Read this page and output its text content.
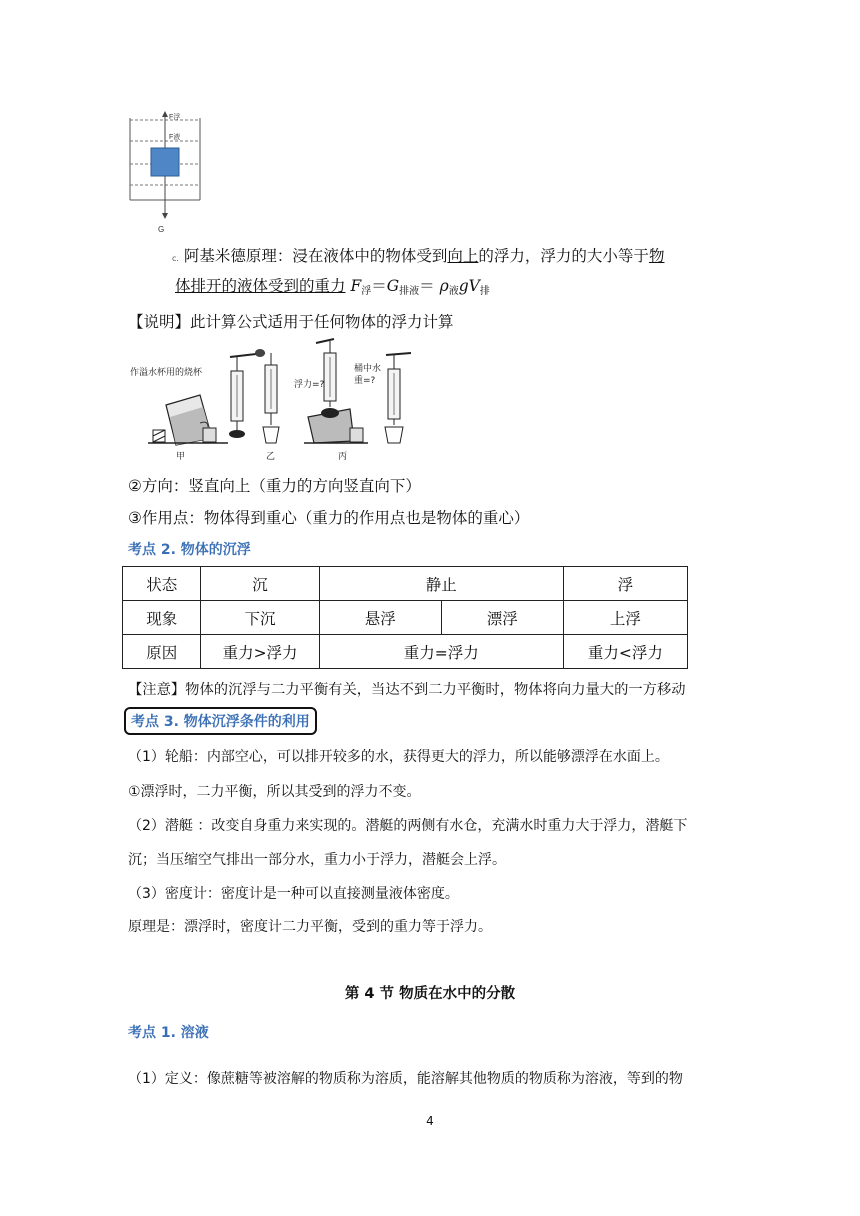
F浮
F液
G
c. 阿基米德原理：浸在液体中的物体受到向上的浮力，浮力的大小等于物
体排开的液体受到的重力 $F_浮=G_{排液}= \rho_液gV_排$
【说明】此计算公式适用于任何物体的浮力计算
作溢水杯用的烧杯
甲	乙
浮力=?
桶中水
重=?
丙
②方向：竖直向上（重力的方向竖直向下）
③作用点：物体得到重心（重力的作用点也是物体的重心）
考点 2. 物体的沉浮
状态	沉	静止		浮
现象	下沉	悬浮	漂浮	上浮
原因	重力>浮力	重力=浮力		重力<浮力
【注意】物体的沉浮与二力平衡有关，当达不到二力平衡时，物体将向力量大的一方移动
考点 3. 物体沉浮条件的利用
（1）轮船：内部空心，可以排开较多的水，获得更大的浮力，所以能够漂浮在水面上。
①漂浮时，二力平衡，所以其受到的浮力不变。
（2）潜艇 ：改变自身重力来实现的。潜艇的两侧有水仓，充满水时重力大于浮力，潜艇下
沉；当压缩空气排出一部分水，重力小于浮力，潜艇会上浮。
（3）密度计：密度计是一种可以直接测量液体密度。
原理是：漂浮时，密度计二力平衡，受到的重力等于浮力。
第 4 节 物质在水中的分散
考点 1. 溶液
（1）定义：像蔗糖等被溶解的物质称为溶质，能溶解其他物质的物质称为溶液，等到的物
4
